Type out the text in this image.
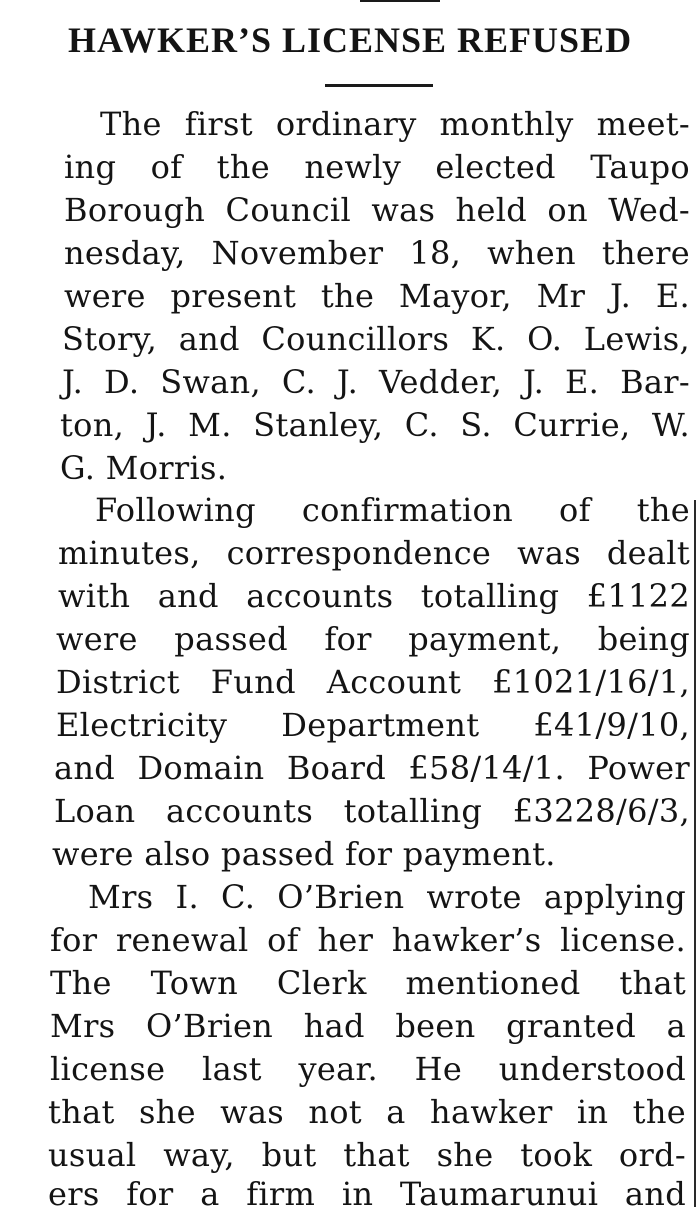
HAWKER’S LICENSE REFUSED
The first ordinary monthly meet-
ing of the newly elected Taupo
Borough Council was held on Wed-
nesday, November 18, when there
were present the Mayor, Mr J. E.
Story, and Councillors K. O. Lewis,
J. D. Swan, C. J. Vedder, J. E. Bar-
ton, J. M. Stanley, C. S. Currie, W.
G. Morris.
Following confirmation of the
minutes, correspondence was dealt
with and accounts totalling £1122
were passed for payment, being
District Fund Account £1021/16/1,
Electricity Department £41/9/10,
and Domain Board £58/14/1. Power
Loan accounts totalling £3228/6/3,
were also passed for payment.
Mrs I. C. O’Brien wrote applying
for renewal of her hawker’s license.
The Town Clerk mentioned that
Mrs O’Brien had been granted a
license last year. He understood
that she was not a hawker in the
usual way, but that she took ord-
ers for a firm in Taumarunui and
